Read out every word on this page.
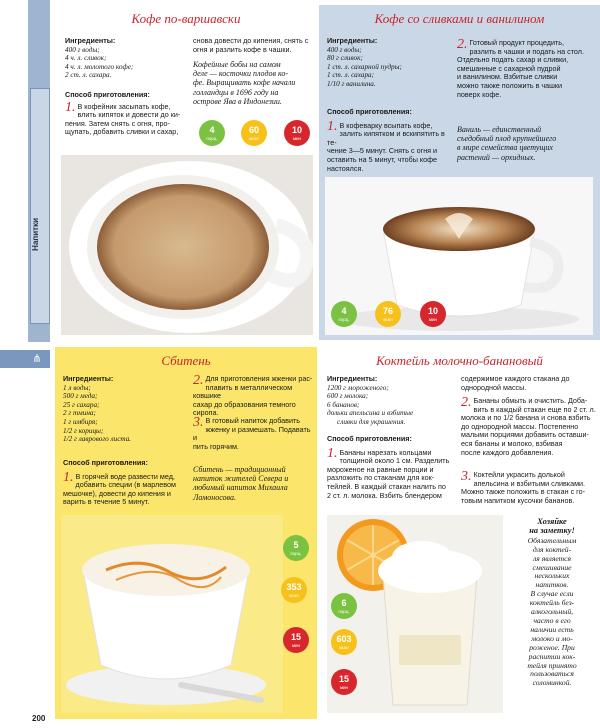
Напитки
⋔
200
Кофе по-варшавски
Ингредиенты:
400 г воды;
4 ч. л. сливок;
4 ч. л. молотого кофе;
2 ст. л. сахара.
Способ приготовления:
1. В кофейник засыпать кофе,
влить кипяток и довести до ки-
пения. Затем снять с огня, про-
щупать, добавить сливки и сахар,
снова довести до кипения, снять с
огня и разлить кофе в чашки.
Кофейные бобы на самом
деле — косточки плодов ко-
фе. Выращивать кофе начали
голландцы в 1696 году на
острове Ява в Индонезии.
4
порц.
60
ккал
10
мин
Кофе со сливками и ванилином
Ингредиенты:
400 г воды;
80 г сливок;
1 ст. л. сахарной пудры;
1 ст. л. сахара;
1/10 г ванилина.
Способ приготовления:
1. В кофеварку всыпать кофе,
залить кипятком и вскипятить в те-
чение 3—5 минут. Снять с огня и
оставить на 5 минут, чтобы кофе
настоялся.
2. Готовый продукт процедить,
разлить в чашки и подать на стол.
Отдельно подать сахар и сливки,
смешанные с сахарной пудрой
и ванилином. Взбитые сливки
можно также положить в чашки
поверх кофе.
Ваниль — единственный
съедобный плод крупнейшего
в мире семейства цветущих
растений — орхидных.
4
порц.
76
ккал
10
мин
Сбитень
Ингредиенты:
1 л воды;
500 г меда;
25 г сахара;
2 г тмина;
1 г имбиря;
1/2 г корицы;
1/2 г лаврового листа.
Способ приготовления:
1. В горячей воде развести мед,
добавить специи (в марлевом
мешочке), довести до кипения и
варить в течение 5 минут.
2. Для приготовления жженки рас-
плавить в металлическом ковшике
сахар до образования темного
сиропа.
3. В готовый напиток добавить
жженку и размешать. Подавать и
пить горячим.
Сбитень — традиционный
напиток жителей Севера и
любимый напиток Михаила
Ломоносова.
5
порц.
353
ккал
15
мин
Коктейль молочно-банановый
Ингредиенты:
1200 г мороженого;
600 г молока;
6 бананов;
дольки апельсина и взбитые
сливки для украшения.
Способ приготовления:
1. Бананы нарезать кольцами
толщиной около 1 см. Разделить
мороженое на равные порции и
разложить по стаканам для кок-
тейлей. В каждый стакан налить по
2 ст. л. молока. Взбить блендером
содержимое каждого стакана до
однородной массы.
2. Бананы обмыть и очистить. Доба-
вить в каждый стакан еще по 2 ст. л.
молока и по 1/2 банана и снова взбить
до однородной массы. Постепенно
малыми порциями добавить оставши-
еся бананы и молоко, взбивая
после каждого добавления.
3. Коктейли украсить долькой
апельсина и взбитыми сливками.
Можно также положить в стакан с го-
товым напитком кусочки бананов.
6
порц.
603
ккал
15
мин
Хозяйке
на заметку!
Обязательным
для коктей-
ля является
смешивание
нескольких
напитков.
В случае если
коктейль без-
алкогольный,
часто в его
наличии есть
молоко и мо-
роженое. При
распитии кок-
тейля принято
пользоваться
соломинкой.
